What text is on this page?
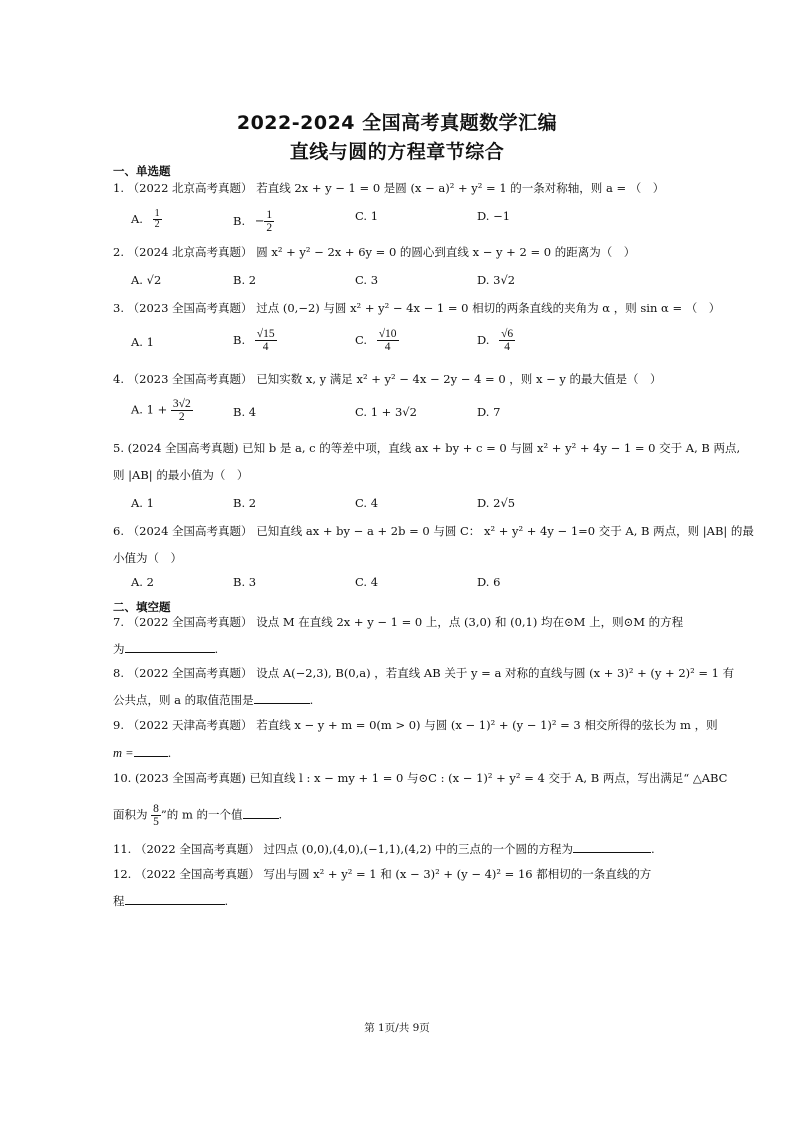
2022-2024 全国高考真题数学汇编
直线与圆的方程章节综合
一、单选题
1. （2022 北京高考真题） 若直线 2x + y − 1 = 0 是圆 (x − a)² + y² = 1 的一条对称轴，则 a = （　）
A. $\frac{1}{2}$	B. − $\frac{1}{2}$	C. 1	D. −1
2. （2024 北京高考真题） 圆 x² + y² − 2x + 6y = 0 的圆心到直线 x − y + 2 = 0 的距离为（　）
A. √2	B. 2	C. 3	D. 3√2
3. （2023 全国高考真题） 过点 (0,−2) 与圆 x² + y² − 4x − 1 = 0 相切的两条直线的夹角为 α ，则 sin α = （　）
A. 1	B. $\frac{√15}{4}$	C. $\frac{√10}{4}$	D. $\frac{√6}{4}$
4. （2023 全国高考真题） 已知实数 x, y 满足 x² + y² − 4x − 2y − 4 = 0 ，则 x − y 的最大值是（　）
A. $1 + \frac{3√2}{2}$	B. 4	C. 1 + 3√2	D. 7
5. (2024 全国高考真题) 已知 b 是 a, c 的等差中项，直线 ax + by + c = 0 与圆 x² + y² + 4y − 1 = 0 交于 A, B 两点,
则 |AB| 的最小值为（　）
A. 1	B. 2	C. 4	D. 2√5
6. （2024 全国高考真题） 已知直线 ax + by − a + 2b = 0 与圆 C： x² + y² + 4y − 1=0 交于 A, B 两点，则 |AB| 的最
小值为（　）
A. 2	B. 3	C. 4	D. 6
二、填空题
7. （2022 全国高考真题） 设点 M 在直线 2x + y − 1 = 0 上，点 (3,0) 和 (0,1) 均在⊙M 上，则⊙M 的方程
为	.
8. （2022 全国高考真题） 设点 A(−2,3), B(0,a) ，若直线 AB 关于 y = a 对称的直线与圆 (x + 3)² + (y + 2)² = 1 有
公共点，则 a 的取值范围是	.
9. （2022 天津高考真题） 若直线 x − y + m = 0(m > 0) 与圆 (x − 1)² + (y − 1)² = 3 相交所得的弦长为 m ，则
m =	.
10. (2023 全国高考真题) 已知直线 l : x − my + 1 = 0 与⊙C : (x − 1)² + y² = 4 交于 A, B 两点，写出满足“ △ABC
面积为 $\frac{8}{5}$ ”的 m 的一个值	.
11. （2022 全国高考真题） 过四点 (0,0),(4,0),(−1,1),(4,2) 中的三点的一个圆的方程为	.
12. （2022 全国高考真题） 写出与圆 x² + y² = 1 和 (x − 3)² + (y − 4)² = 16 都相切的一条直线的方
程	.
第 1页/共 9页
